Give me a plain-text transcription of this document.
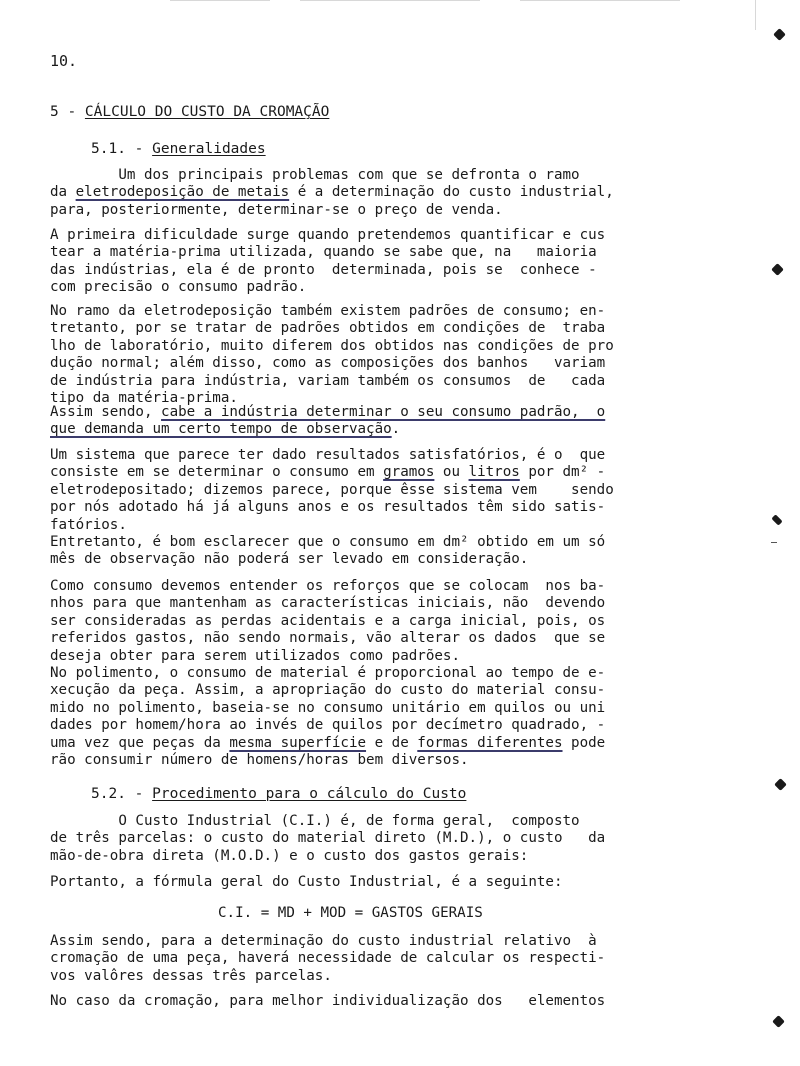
10.
5 - CÁLCULO DO CUSTO DA CROMAÇÃO
5.1. - Generalidades
Um dos principais problemas com que se defronta o ramo
da eletrodeposição de metais é a determinação do custo industrial,
para, posteriormente, determinar-se o preço de venda.
A primeira dificuldade surge quando pretendemos quantificar e cus
tear a matéria-prima utilizada, quando se sabe que, na   maioria
das indústrias, ela é de pronto  determinada, pois se  conhece -
com precisão o consumo padrão.
No ramo da eletrodeposição também existem padrões de consumo; en-
tretanto, por se tratar de padrões obtidos em condições de  traba
lho de laboratório, muito diferem dos obtidos nas condições de pro
dução normal; além disso, como as composições dos banhos   variam
de indústria para indústria, variam também os consumos  de   cada
tipo da matéria-prima.
Assim sendo, cabe a indústria determinar o seu consumo padrão,  o
que demanda um certo tempo de observação.
Um sistema que parece ter dado resultados satisfatórios, é o  que
consiste em se determinar o consumo em gramos ou litros por dm² -
eletrodepositado; dizemos parece, porque êsse sistema vem    sendo
por nós adotado há já alguns anos e os resultados têm sido satis-
fatórios.
Entretanto, é bom esclarecer que o consumo em dm² obtido em um só
mês de observação não poderá ser levado em consideração.
Como consumo devemos entender os reforços que se colocam  nos ba-
nhos para que mantenham as características iniciais, não  devendo
ser consideradas as perdas acidentais e a carga inicial, pois, os
referidos gastos, não sendo normais, vão alterar os dados  que se
deseja obter para serem utilizados como padrões.
No polimento, o consumo de material é proporcional ao tempo de e-
xecução da peça. Assim, a apropriação do custo do material consu-
mido no polimento, baseia-se no consumo unitário em quilos ou uni
dades por homem/hora ao invés de quilos por decímetro quadrado, -
uma vez que peças da mesma superfície e de formas diferentes pode
rão consumir número de homens/horas bem diversos.
5.2. - Procedimento para o cálculo do Custo
O Custo Industrial (C.I.) é, de forma geral,  composto
de três parcelas: o custo do material direto (M.D.), o custo   da
mão-de-obra direta (M.O.D.) e o custo dos gastos gerais:
Portanto, a fórmula geral do Custo Industrial, é a seguinte:
C.I. = MD + MOD = GASTOS GERAIS
Assim sendo, para a determinação do custo industrial relativo  à
cromação de uma peça, haverá necessidade de calcular os respecti-
vos valôres dessas três parcelas.
No caso da cromação, para melhor individualização dos   elementos
